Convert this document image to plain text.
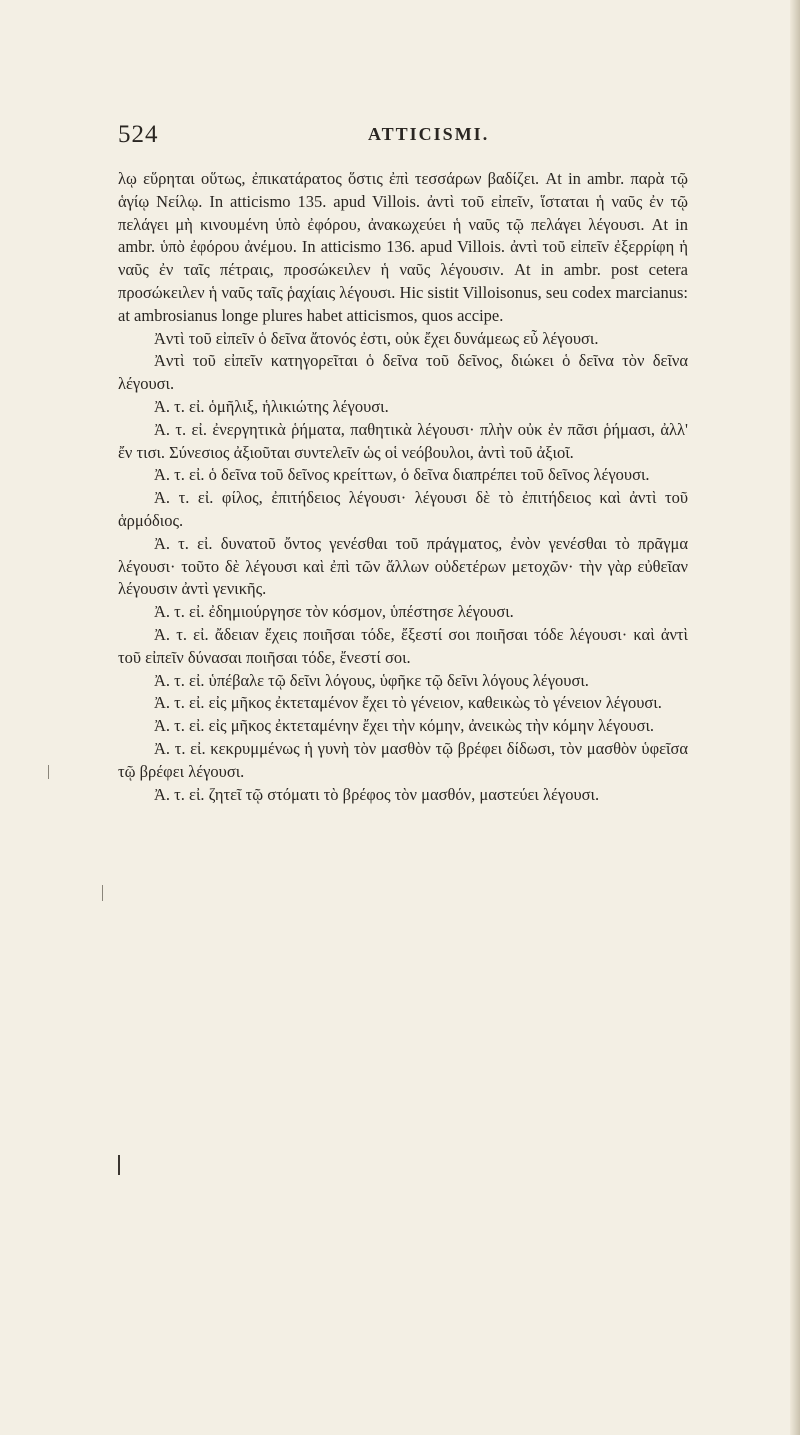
524	ATTICISMI.

λῳ εὕρηται οὕτως, ἐπικατάρατος ὅστις ἐπὶ τεσσάρων βαδίζει. At in ambr. παρὰ τῷ ἁγίῳ Νείλῳ. In atticismo 135. apud Villois. ἀντὶ τοῦ εἰπεῖν, ἵσταται ἡ ναῦς ἐν τῷ πελάγει μὴ κινουμένη ὑπὸ ἐφόρου, ἀνακωχεύει ἡ ναῦς τῷ πελάγει λέγουσι. At in ambr. ὑπὸ ἐφόρου ἀνέμου. In atticismo 136. apud Villois. ἀντὶ τοῦ εἰπεῖν ἐξερρίφη ἡ ναῦς ἐν ταῖς πέτραις, προσώκειλεν ἡ ναῦς λέγουσιν. At in ambr. post cetera προσώκειλεν ἡ ναῦς ταῖς ῥαχίαις λέγουσι. Hic sistit Villoisonus, seu codex marcianus: at ambrosianus longe plures habet atticismos, quos accipe.

Ἀντὶ τοῦ εἰπεῖν ὁ δεῖνα ἄτονός ἐστι, οὐκ ἔχει δυνάμεως εὖ λέγουσι.

Ἀντὶ τοῦ εἰπεῖν κατηγορεῖται ὁ δεῖνα τοῦ δεῖνος, διώκει ὁ δεῖνα τὸν δεῖνα λέγουσι.

Ἀ. τ. εἰ. ὁμῆλιξ, ἡλικιώτης λέγουσι.

Ἀ. τ. εἰ. ἐνεργητικὰ ῥήματα, παθητικὰ λέγουσι· πλὴν οὐκ ἐν πᾶσι ῥήμασι, ἀλλ' ἔν τισι. Σύνεσιος ἀξιοῦται συντελεῖν ὡς οἱ νεόβουλοι, ἀντὶ τοῦ ἀξιοῖ.

Ἀ. τ. εἰ. ὁ δεῖνα τοῦ δεῖνος κρείττων, ὁ δεῖνα διαπρέπει τοῦ δεῖνος λέγουσι.

Ἀ. τ. εἰ. φίλος, ἐπιτήδειος λέγουσι· λέγουσι δὲ τὸ ἐπιτήδειος καὶ ἀντὶ τοῦ ἁρμόδιος.

Ἀ. τ. εἰ. δυνατοῦ ὄντος γενέσθαι τοῦ πράγματος, ἐνὸν γενέσθαι τὸ πρᾶγμα λέγουσι· τοῦτο δὲ λέγουσι καὶ ἐπὶ τῶν ἄλλων οὐδετέρων μετοχῶν· τὴν γὰρ εὐθεῖαν λέγουσιν ἀντὶ γενικῆς.

Ἀ. τ. εἰ. ἐδημιούργησε τὸν κόσμον, ὑπέστησε λέγουσι.

Ἀ. τ. εἰ. ἄδειαν ἔχεις ποιῆσαι τόδε, ἔξεστί σοι ποιῆσαι τόδε λέγουσι· καὶ ἀντὶ τοῦ εἰπεῖν δύνασαι ποιῆσαι τόδε, ἔνεστί σοι.

Ἀ. τ. εἰ. ὑπέβαλε τῷ δεῖνι λόγους, ὑφῆκε τῷ δεῖνι λόγους λέγουσι.

Ἀ. τ. εἰ. εἰς μῆκος ἐκτεταμένον ἔχει τὸ γένειον, καθεικὼς τὸ γένειον λέγουσι.

Ἀ. τ. εἰ. εἰς μῆκος ἐκτεταμένην ἔχει τὴν κόμην, ἀνεικὼς τὴν κόμην λέγουσι.

Ἀ. τ. εἰ. κεκρυμμένως ἡ γυνὴ τὸν μασθὸν τῷ βρέφει δίδωσι, τὸν μασθὸν ὑφεῖσα τῷ βρέφει λέγουσι.

Ἀ. τ. εἰ. ζητεῖ τῷ στόματι τὸ βρέφος τὸν μασθόν, μαστεύει λέγουσι.
